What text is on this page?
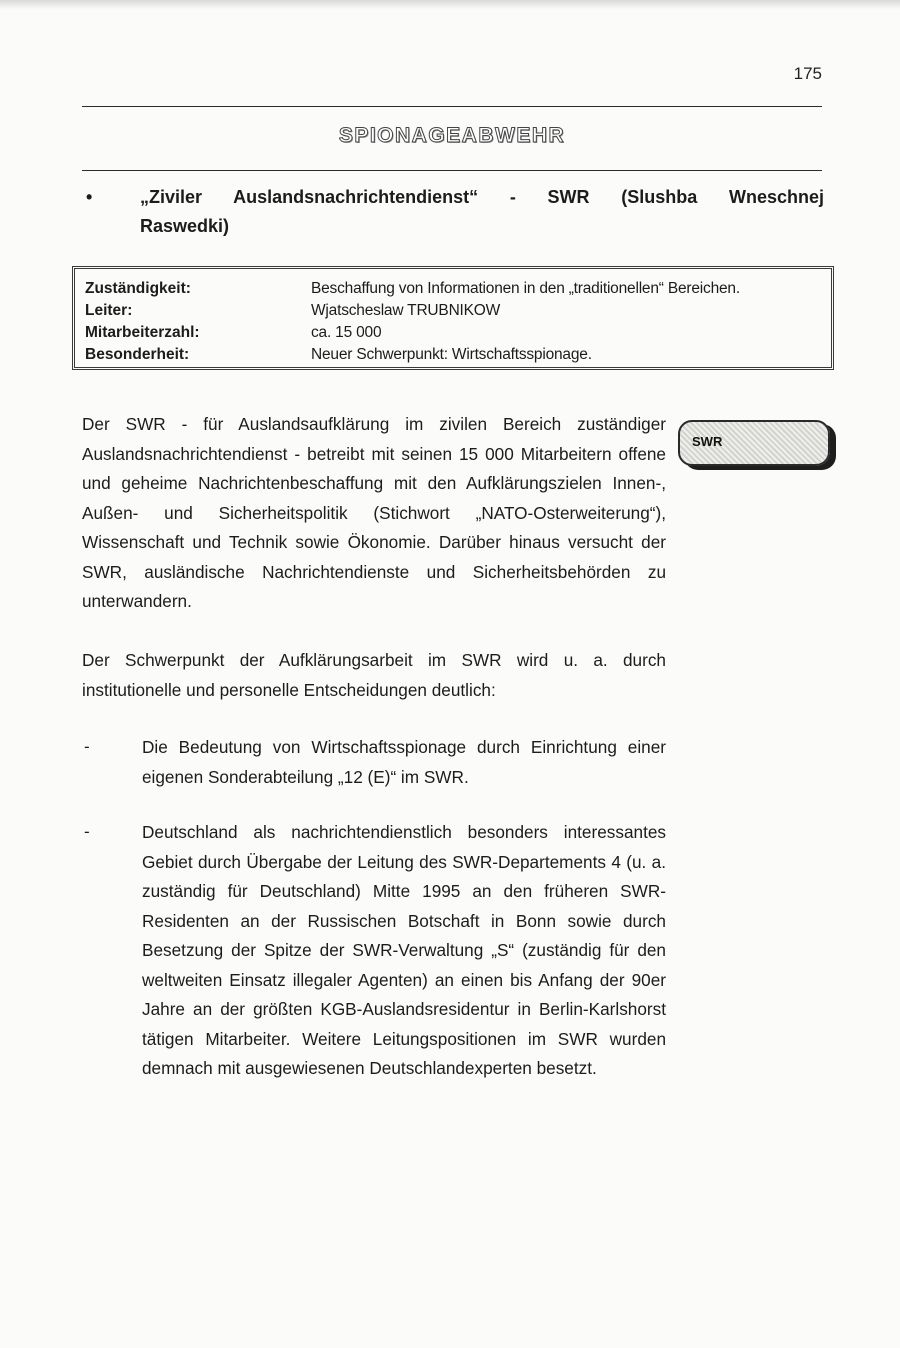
175
SPIONAGEABWEHR
•	„Ziviler Auslandsnachrichtendienst“ - SWR (Slushba Wneschnej
Raswedki)
Zuständigkeit:	Beschaffung von Informationen in den „traditionellen“ Bereichen.
Leiter:	Wjatscheslaw TRUBNIKOW
Mitarbeiterzahl:	ca. 15 000
Besonderheit:	Neuer Schwerpunkt: Wirtschaftsspionage.
Der SWR - für Auslandsaufklärung im zivilen Bereich zuständiger Auslandsnachrichtendienst - betreibt mit seinen 15 000 Mitarbeitern offene und geheime Nachrichtenbeschaffung mit den Aufklärungszielen Innen-, Außen- und Sicherheitspolitik (Stichwort „NATO-Osterweiterung“), Wissenschaft und Technik sowie Ökonomie. Darüber hinaus versucht der SWR, ausländische Nachrichtendienste und Sicherheitsbehörden zu unterwandern.
SWR
Der Schwerpunkt der Aufklärungsarbeit im SWR wird u. a. durch institutionelle und personelle Entscheidungen deutlich:
-	Die Bedeutung von Wirtschaftsspionage durch Einrichtung einer eigenen Sonderabteilung „12 (E)“ im SWR.
-	Deutschland als nachrichtendienstlich besonders interessantes Gebiet durch Übergabe der Leitung des SWR-Departements 4 (u. a. zuständig für Deutschland) Mitte 1995 an den früheren SWR-Residenten an der Russischen Botschaft in Bonn sowie durch Besetzung der Spitze der SWR-Verwaltung „S“ (zuständig für den weltweiten Einsatz illegaler Agenten) an einen bis Anfang der 90er Jahre an der größten KGB-Auslandsresidentur in Berlin-Karlshorst tätigen Mitarbeiter. Weitere Leitungspositionen im SWR wurden demnach mit ausgewiesenen Deutschlandexperten besetzt.
